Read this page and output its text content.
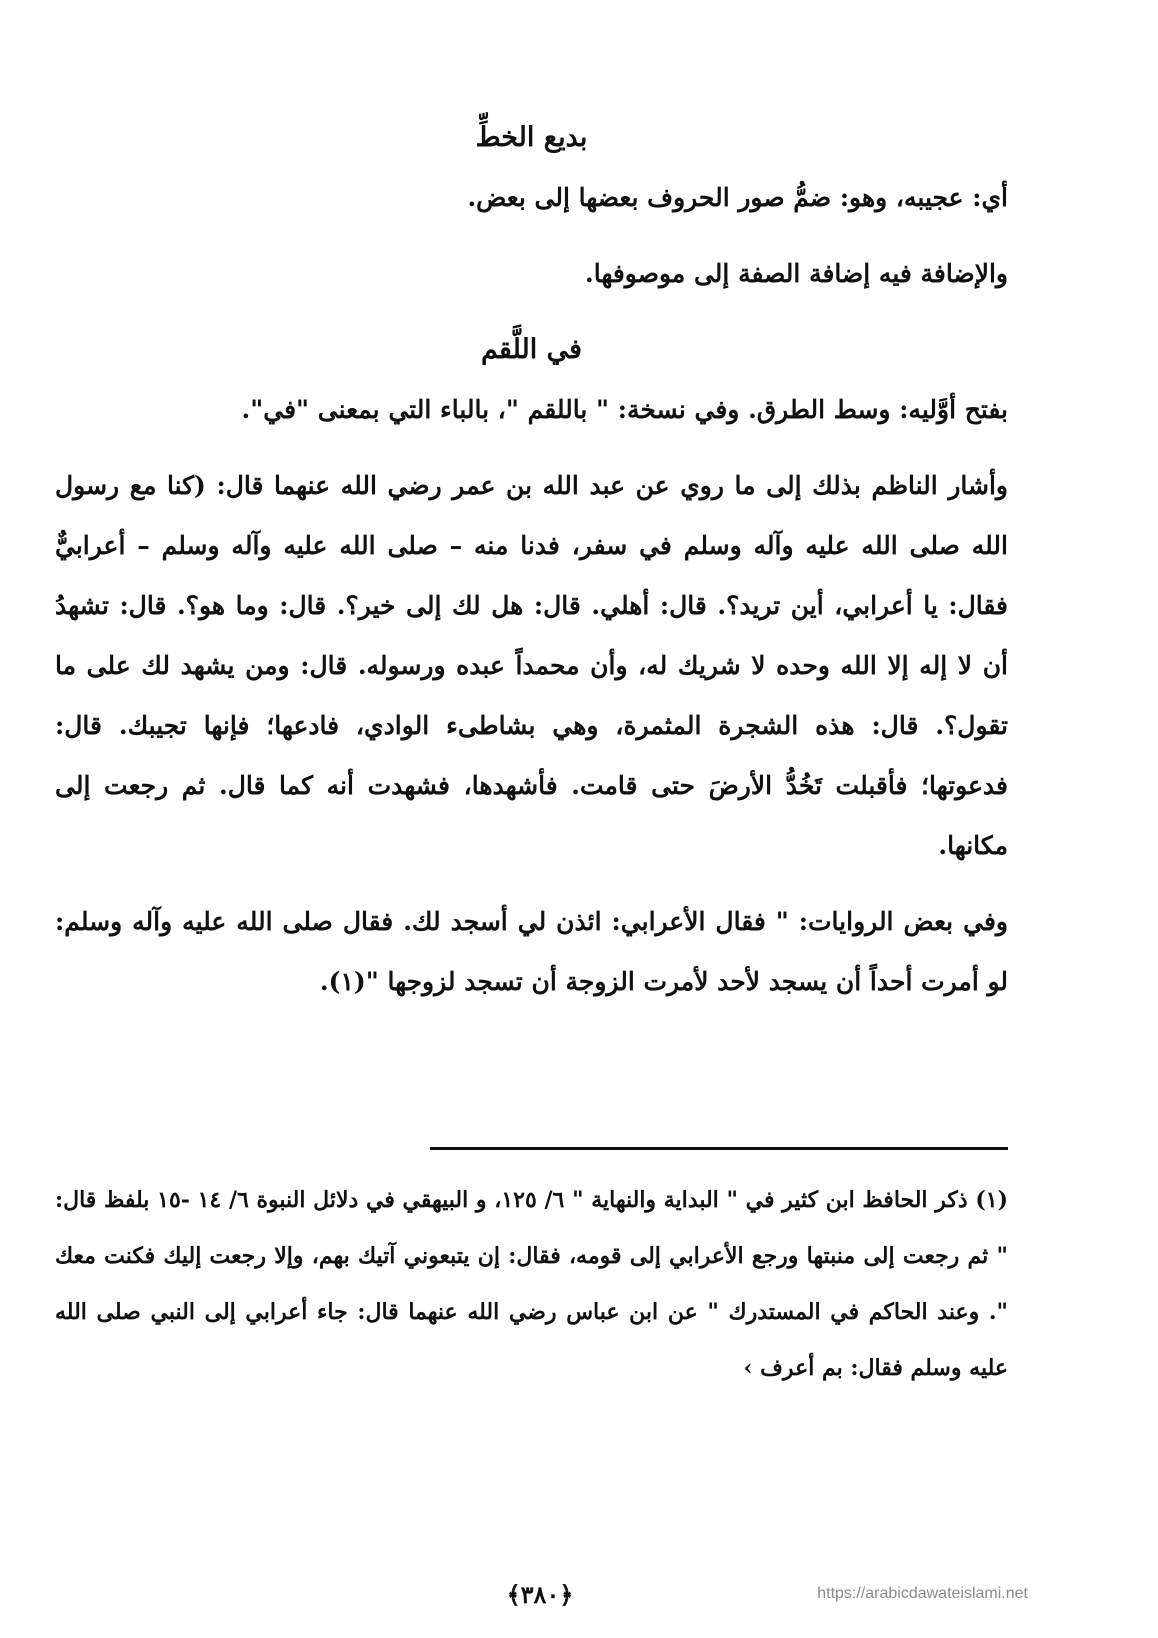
بديع الخطِّ

أي: عجيبه، وهو: ضمُّ صور الحروف بعضها إلى بعض.

والإضافة فيه إضافة الصفة إلى موصوفها.

في اللَّقم

بفتح أوَّليه: وسط الطرق. وفي نسخة: " باللقم "، بالباء التي بمعنى "في".

وأشار الناظم بذلك إلى ما روي عن عبد الله بن عمر رضي الله عنهما قال: (كنا مع رسول الله صلى الله عليه وآله وسلم في سفر، فدنا منه – صلى الله عليه وآله وسلم – أعرابيٌّ فقال: يا أعرابي، أين تريد؟. قال: أهلي. قال: هل لك إلى خير؟. قال: وما هو؟. قال: تشهدُ أن لا إله إلا الله وحده لا شريك له، وأن محمداً عبده ورسوله. قال: ومن يشهد لك على ما تقول؟. قال: هذه الشجرة المثمرة، وهي بشاطىء الوادي، فادعها؛ فإنها تجيبك. قال: فدعوتها؛ فأقبلت تَخُدُّ الأرضَ حتى قامت. فأشهدها، فشهدت أنه كما قال. ثم رجعت إلى مكانها.

وفي بعض الروايات: " فقال الأعرابي: ائذن لي أسجد لك. فقال صلى الله عليه وآله وسلم: لو أمرت أحداً أن يسجد لأحد لأمرت الزوجة أن تسجد لزوجها "(١).

(١) ذكر الحافظ ابن كثير في " البداية والنهاية " ٦/ ١٢٥، و البيهقي في دلائل النبوة ٦/ ١٤ -١٥ بلفظ قال: " ثم رجعت إلى منبتها ورجع الأعرابي إلى قومه، فقال: إن يتبعوني آتيك بهم، وإلا رجعت إليك فكنت معك ". وعند الحاكم في المستدرك " عن ابن عباس رضي الله عنهما قال: جاء أعرابي إلى النبي صلى الله عليه وسلم فقال: بم أعرف ›

﴿٣٨٠﴾	https://arabicdawateislami.net
